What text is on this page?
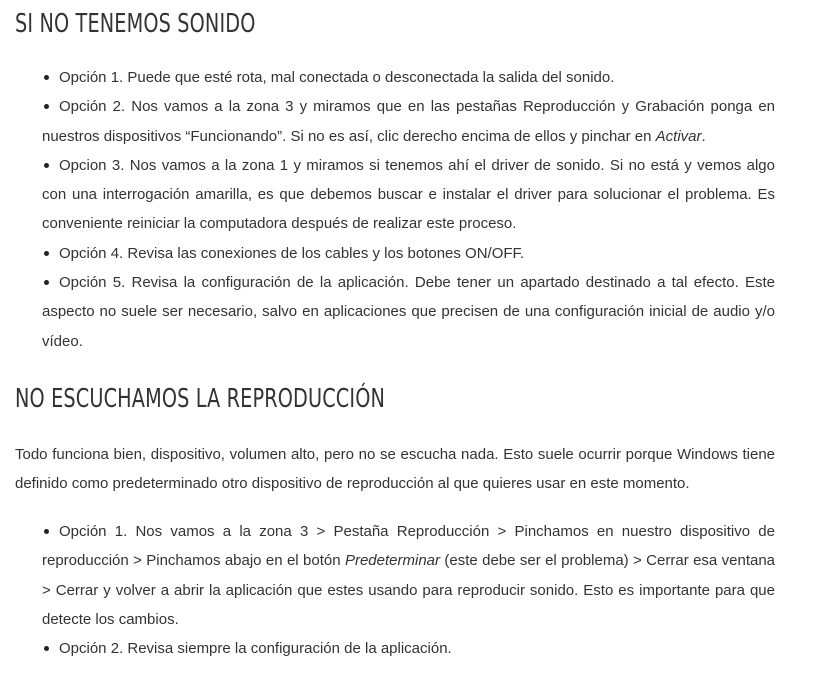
SI NO TENEMOS SONIDO
Opción 1. Puede que esté rota, mal conectada o desconectada la salida del sonido.
Opción 2. Nos vamos a la zona 3 y miramos que en las pestañas Reproducción y Grabación ponga en nuestros dispositivos “Funcionando”. Si no es así, clic derecho encima de ellos y pinchar en Activar.
Opcion 3. Nos vamos a la zona 1 y miramos si tenemos ahí el driver de sonido. Si no está y vemos algo con una interrogación amarilla, es que debemos buscar e instalar el driver para solucionar el problema. Es conveniente reiniciar la computadora después de realizar este proceso.
Opción 4. Revisa las conexiones de los cables y los botones ON/OFF.
Opción 5. Revisa la configuración de la aplicación. Debe tener un apartado destinado a tal efecto. Este aspecto no suele ser necesario, salvo en aplicaciones que precisen de una configuración inicial de audio y/o vídeo.
NO ESCUCHAMOS LA REPRODUCCIÓN

Todo funciona bien, dispositivo, volumen alto, pero no se escucha nada. Esto suele ocurrir porque Windows tiene definido como predeterminado otro dispositivo de reproducción al que quieres usar en este momento.

Opción 1. Nos vamos a la zona 3 > Pestaña Reproducción > Pinchamos en nuestro dispositivo de reproducción > Pinchamos abajo en el botón Predeterminar (este debe ser el problema) > Cerrar esa ventana > Cerrar y volver a abrir la aplicación que estes usando para reproducir sonido. Esto es importante para que detecte los cambios.
Opción 2. Revisa siempre la configuración de la aplicación.
